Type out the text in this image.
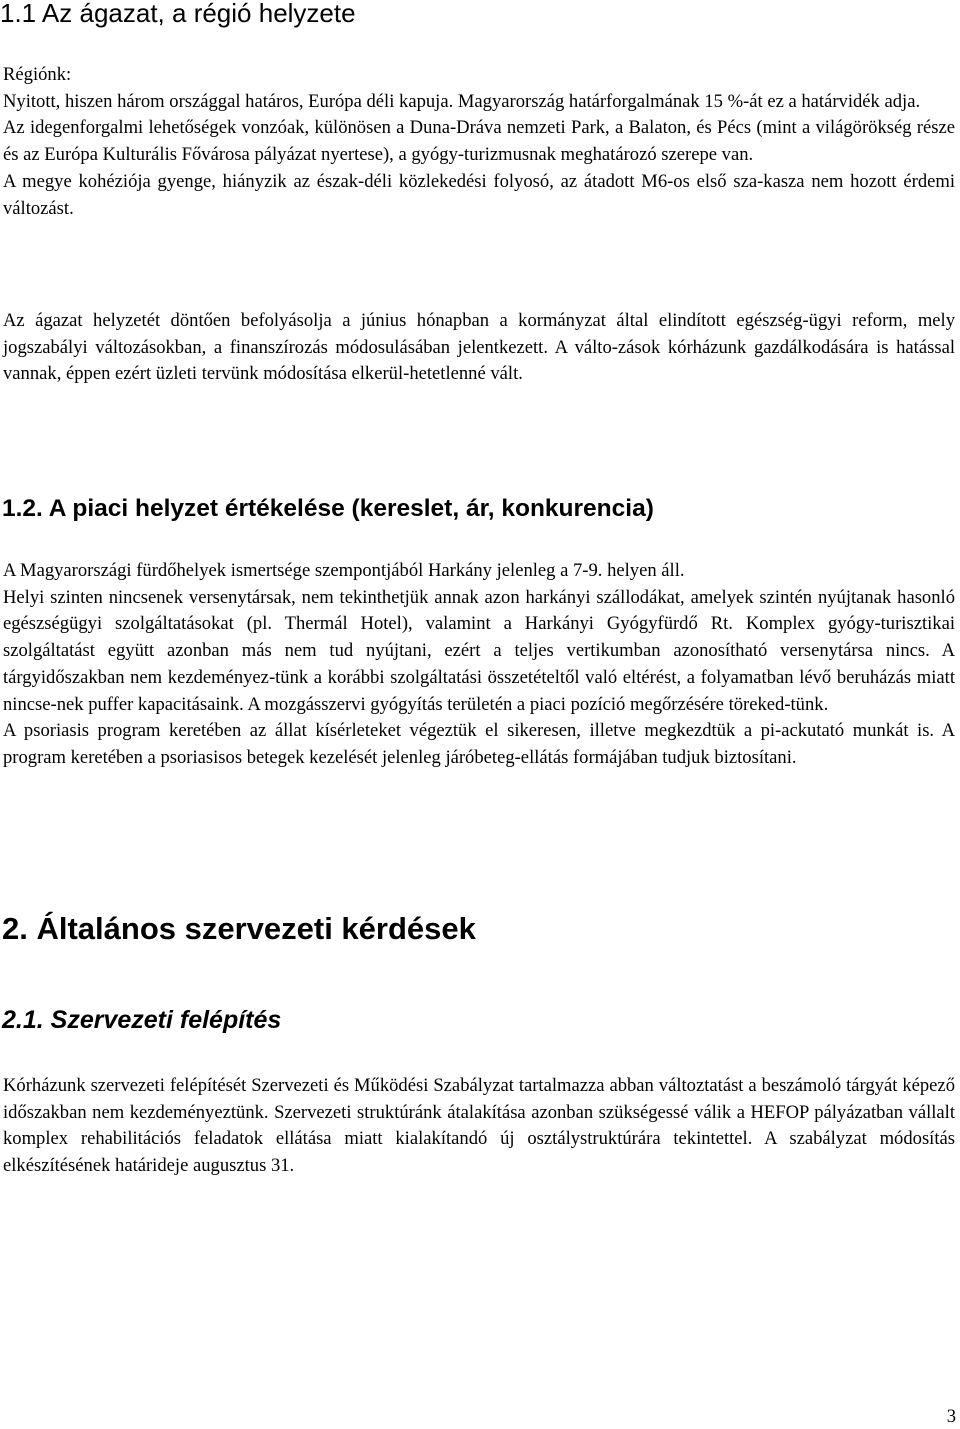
1.1 Az ágazat, a régió helyzete

Régiónk:

Nyitott, hiszen három országgal határos, Európa déli kapuja. Magyarország határforgalmának 15 %-át ez a határvidék adja.

Az idegenforgalmi lehetőségek vonzóak, különösen a Duna-Dráva nemzeti Park, a Balaton, és Pécs (mint a világörökség része és az Európa Kulturális Fővárosa pályázat nyertese), a gyógy-turizmusnak meghatározó szerepe van.

A megye kohéziója gyenge, hiányzik az észak-déli közlekedési folyosó, az átadott M6-os első sza-kasza nem hozott érdemi változást.

Az ágazat helyzetét döntően befolyásolja a június hónapban a kormányzat által elindított egészség-ügyi reform, mely jogszabályi változásokban, a finanszírozás módosulásában jelentkezett. A válto-zások kórházunk gazdálkodására is hatással vannak, éppen ezért üzleti tervünk módosítása elkerül-hetetlenné vált.

1.2. A piaci helyzet értékelése (kereslet, ár, konkurencia)

A Magyarországi fürdőhelyek ismertsége szempontjából Harkány jelenleg a 7-9. helyen áll.

Helyi szinten nincsenek versenytársak, nem tekinthetjük annak azon harkányi szállodákat, amelyek szintén nyújtanak hasonló egészségügyi szolgáltatásokat (pl. Thermál Hotel), valamint a Harkányi Gyógyfürdő Rt. Komplex gyógy-turisztikai szolgáltatást együtt azonban más nem tud nyújtani, ezért a teljes vertikumban azonosítható versenytársa nincs. A tárgyidőszakban nem kezdeményez-tünk a korábbi szolgáltatási összetételtől való eltérést, a folyamatban lévő beruházás miatt nincse-nek puffer kapacitásaink. A mozgásszervi gyógyítás területén a piaci pozíció megőrzésére töreked-tünk.

A psoriasis program keretében az állat kísérleteket végeztük el sikeresen, illetve megkezdtük a pi-ackutató munkát is. A program keretében a psoriasisos betegek kezelését jelenleg járóbeteg-ellátás formájában tudjuk biztosítani.

2. Általános szervezeti kérdések
2.1. Szervezeti felépítés

Kórházunk szervezeti felépítését Szervezeti és Működési Szabályzat tartalmazza abban változtatást a beszámoló tárgyát képező időszakban nem kezdeményeztünk. Szervezeti struktúránk átalakítása azonban szükségessé válik a HEFOP pályázatban vállalt komplex rehabilitációs feladatok ellátása miatt kialakítandó új osztálystruktúrára tekintettel. A szabályzat módosítás elkészítésének határideje augusztus 31.

3
